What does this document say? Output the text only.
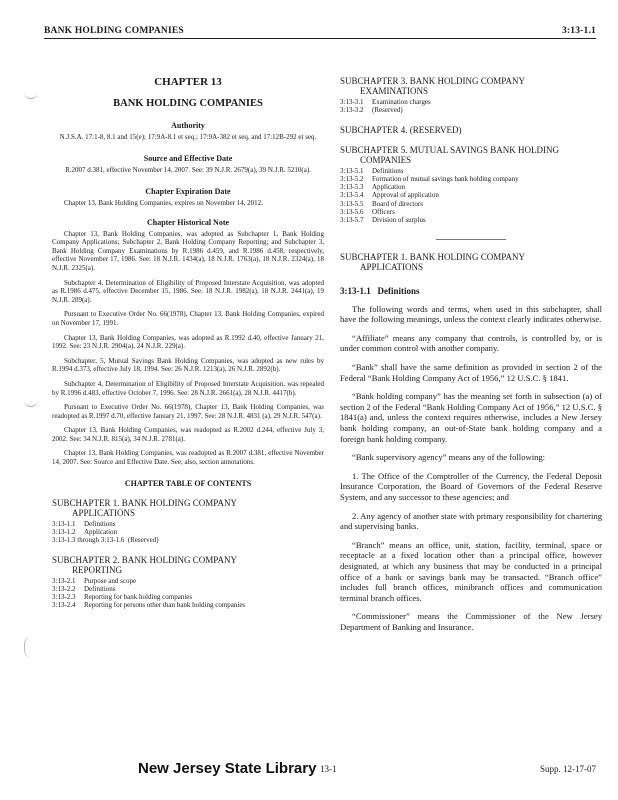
BANK HOLDING COMPANIES	3:13-1.1
CHAPTER 13
BANK HOLDING COMPANIES
Authority
N.J.S.A. 17:1-8, 8.1 and 15(e); 17:9A-8.1 et seq.; 17:9A-382 et seq. and 17:12B-292 et seq.
Source and Effective Date
R.2007 d.381, effective November 14, 2007. See: 39 N.J.R. 2679(a), 39 N.J.R. 5210(a).
Chapter Expiration Date
Chapter 13, Bank Holding Companies, expires on November 14, 2012.
Chapter Historical Note
Chapter 13, Bank Holding Companies, was adopted as Subchapter 1, Bank Holding Company Applications; Subchapter 2, Bank Holding Company Reporting; and Subchapter 3, Bank Holding Company Examinations by R.1986 d.459, and R.1986 d.458, respectively, effective November 17, 1986. See: 18 N.J.R. 1434(a), 18 N.J.R. 1763(a), 18 N.J.R. 2324(a), 18 N.J.R. 2325(a).
Subchapter 4, Determination of Eligibility of Proposed Interstate Acquisition, was adopted as R.1986 d.475, effective December 15, 1986. See: 18 N.J.R. 1982(a), 18 N.J.R. 2441(a), 19 N.J.R. 289(a).
Pursuant to Executive Order No. 66(1978), Chapter 13, Bank Holding Companies, expired on November 17, 1991.
Chapter 13, Bank Holding Companies, was adopted as R.1992 d.40, effective January 21, 1992. See: 23 N.J.R. 2904(a), 24 N.J.R. 229(a).
Subchapter, 5, Mutual Savings Bank Holding Companies, was adopted as new rules by R.1994 d.373, effective July 18, 1994. See: 26 N.J.R. 1213(a), 26 N.J.R. 2892(b).
Subchapter 4, Determination of Eligibility of Proposed Interstate Acquisition, was repealed by R.1996 d.483, effective October 7, 1996. See: 28 N.J.R. 2661(a), 28 N.J.R. 4417(b).
Pursuant to Executive Order No. 66(1978), Chapter 13, Bank Holding Companies, was readopted as R.1997 d.70, effective January 21, 1997. See: 28 N.J.R. 4831 (a), 29 N.J.R. 547(a).
Chapter 13, Bank Holding Companies, was readopted as R.2002 d.244, effective July 3, 2002. See: 34 N.J.R. 815(a), 34 N.J.R. 2781(a).
Chapter 13, Bank Holding Companies, was readopted as R.2007 d.381, effective November 14, 2007. See: Source and Effective Date. See, also, section annotations.
CHAPTER TABLE OF CONTENTS
SUBCHAPTER 1. BANK HOLDING COMPANY
APPLICATIONS
3:13-1.1	Definitions
3:13-1.2	Application
3:13-1.3 through 3:13-1.6
(Reserved)
SUBCHAPTER 2. BANK HOLDING COMPANY
REPORTING
3:13-2.1	Purpose and scope
3:13-2.2	Definitions
3:13-2.3	Reporting for bank holding companies
3:13-2.4	Reporting for persons other than bank holding companies
SUBCHAPTER 3. BANK HOLDING COMPANY
EXAMINATIONS
3:13-3.1	Examination charges
3:13-3.2	(Reserved)
SUBCHAPTER 4. (RESERVED)
SUBCHAPTER 5. MUTUAL SAVINGS BANK HOLDING
COMPANIES
3:13-5.1	Definitions
3:13-5.2	Formation of mutual savings bank holding company
3:13-5.3	Application
3:13-5.4	Approval of application
3:13-5.5	Board of directors
3:13-5.6	Officers
3:13-5.7	Division of surplus
SUBCHAPTER 1. BANK HOLDING COMPANY
APPLICATIONS
3:13-1.1 Definitions
The following words and terms, when used in this subchapter, shall have the following meanings, unless the context clearly indicates otherwise.
“Affiliate” means any company that controls, is controlled by, or is under common control with another company.
“Bank” shall have the same definition as provided in section 2 of the Federal “Bank Holding Company Act of 1956,” 12 U.S.C. § 1841.
“Bank holding company” has the meaning set forth in subsection (a) of section 2 of the Federal “Bank Holding Company Act of 1956,” 12 U.S.C. § 1841(a) and, unless the context requires otherwise, includes a New Jersey bank holding company, an out-of-State bank holding company and a foreign bank holding company.
“Bank supervisory agency” means any of the following:
1. The Office of the Comptroller of the Currency, the Federal Deposit Insurance Corporation, the Board of Governors of the Federal Reserve System, and any successor to these agencies; and
2. Any agency of another state with primary responsibility for chartering and supervising banks.
“Branch” means an office, unit, station, facility, terminal, space or receptacle at a fixed location other than a principal office, however designated, at which any business that may be conducted in a principal office of a bank or savings bank may be transacted. “Branch office” includes full branch offices, minibranch offices and communication terminal branch offices.
“Commissioner” means the Commissioner of the New Jersey Department of Banking and Insurance.
New Jersey State Library 13-1	Supp. 12-17-07
